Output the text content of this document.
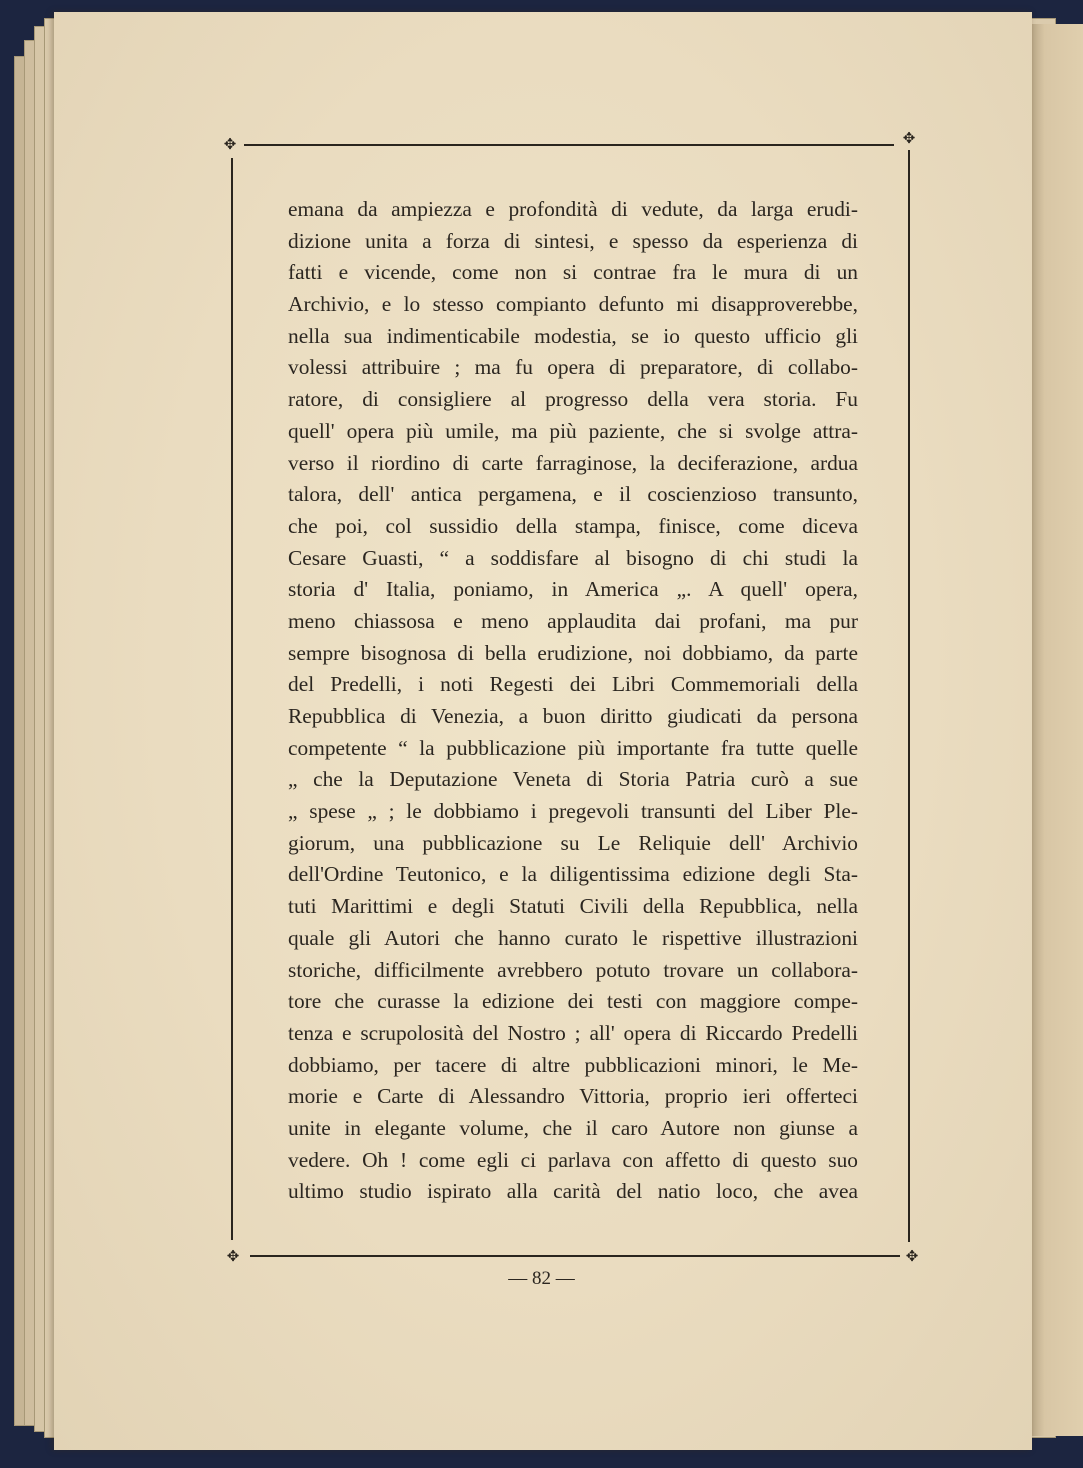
✥	✥
✥	✥
emana da ampiezza e profondità di vedute, da larga erudi-
dizione unita a forza di sintesi, e spesso da esperienza di
fatti e vicende, come non si contrae fra le mura di un
Archivio, e lo stesso compianto defunto mi disapproverebbe,
nella sua indimenticabile modestia, se io questo ufficio gli
volessi attribuire ; ma fu opera di preparatore, di collabo-
ratore, di consigliere al progresso della vera storia. Fu
quell' opera più umile, ma più paziente, che si svolge attra-
verso il riordino di carte farraginose, la deciferazione, ardua
talora, dell' antica pergamena, e il coscienzioso transunto,
che poi, col sussidio della stampa, finisce, come diceva
Cesare Guasti, “ a soddisfare al bisogno di chi studi la
storia d' Italia, poniamo, in America „. A quell' opera,
meno chiassosa e meno applaudita dai profani, ma pur
sempre bisognosa di bella erudizione, noi dobbiamo, da parte
del Predelli, i noti Regesti dei Libri Commemoriali della
Repubblica di Venezia, a buon diritto giudicati da persona
competente “ la pubblicazione più importante fra tutte quelle
„ che la Deputazione Veneta di Storia Patria curò a sue
„ spese „ ; le dobbiamo i pregevoli transunti del Liber Ple-
giorum, una pubblicazione su Le Reliquie dell' Archivio
dell'Ordine Teutonico, e la diligentissima edizione degli Sta-
tuti Marittimi e degli Statuti Civili della Repubblica, nella
quale gli Autori che hanno curato le rispettive illustrazioni
storiche, difficilmente avrebbero potuto trovare un collabora-
tore che curasse la edizione dei testi con maggiore compe-
tenza e scrupolosità del Nostro ; all' opera di Riccardo Predelli
dobbiamo, per tacere di altre pubblicazioni minori, le Me-
morie e Carte di Alessandro Vittoria, proprio ieri offerteci
unite in elegante volume, che il caro Autore non giunse a
vedere. Oh ! come egli ci parlava con affetto di questo suo
ultimo studio ispirato alla carità del natio loco, che avea
— 82 —
